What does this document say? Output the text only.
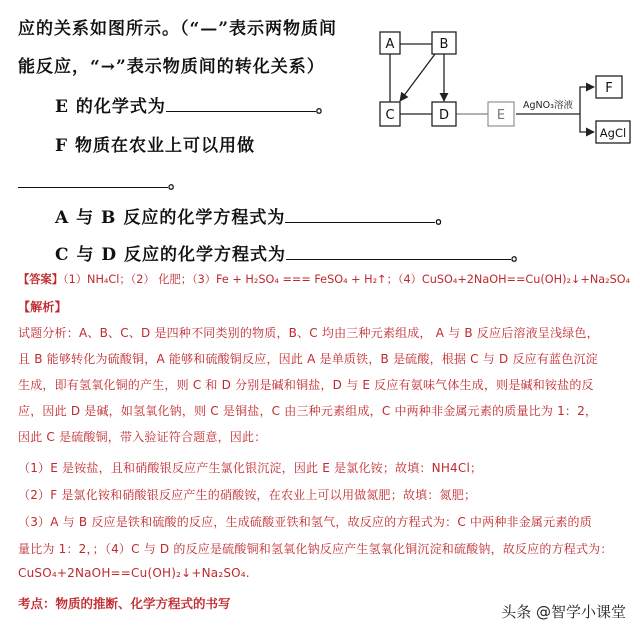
应的关系如图所示。（“—”表示两物质间
能反应，“→”表示物质间的转化关系）
E 的化学式为	。
F 物质在农业上可以用做
。
A 与 B 反应的化学方程式为	。
C 与 D 反应的化学方程式为	。
A	B
C	D	E
AgNO₃溶液
F
AgCl
【答案】（1）NH₄Cl；（2） 化肥；（3）Fe + H₂SO₄ === FeSO₄ + H₂↑；（4）CuSO₄+2NaOH==Cu(OH)₂↓+Na₂SO₄
【解析】
试题分析：A、B、C、D 是四种不同类别的物质，B、C 均由三种元素组成， A 与 B 反应后溶液呈浅绿色，
且 B 能够转化为硫酸铜，A 能够和硫酸铜反应，因此 A 是单质铁，B 是硫酸，根据 C 与 D 反应有蓝色沉淀
生成，即有氢氧化铜的产生，则 C 和 D 分别是碱和铜盐，D 与 E 反应有氨味气体生成，则是碱和铵盐的反
应，因此 D 是碱，如氢氧化钠，则 C 是铜盐，C 由三种元素组成，C 中两种非金属元素的质量比为 1：2，
因此 C 是硫酸铜，带入验证符合题意，因此：
（1）E 是铵盐，且和硝酸银反应产生氯化银沉淀，因此 E 是氯化铵；故填：NH4Cl；
（2）F 是氯化铵和硝酸银反应产生的硝酸铵，在农业上可以用做氮肥；故填：氮肥；
（3）A 与 B 反应是铁和硫酸的反应，生成硫酸亚铁和氢气，故反应的方程式为：C 中两种非金属元素的质
量比为 1：2，；（4）C 与 D 的反应是硫酸铜和氢氧化钠反应产生氢氧化铜沉淀和硫酸钠，故反应的方程式为：
CuSO₄+2NaOH==Cu(OH)₂↓+Na₂SO₄.
考点：物质的推断、化学方程式的书写	头条 @智学小课堂
